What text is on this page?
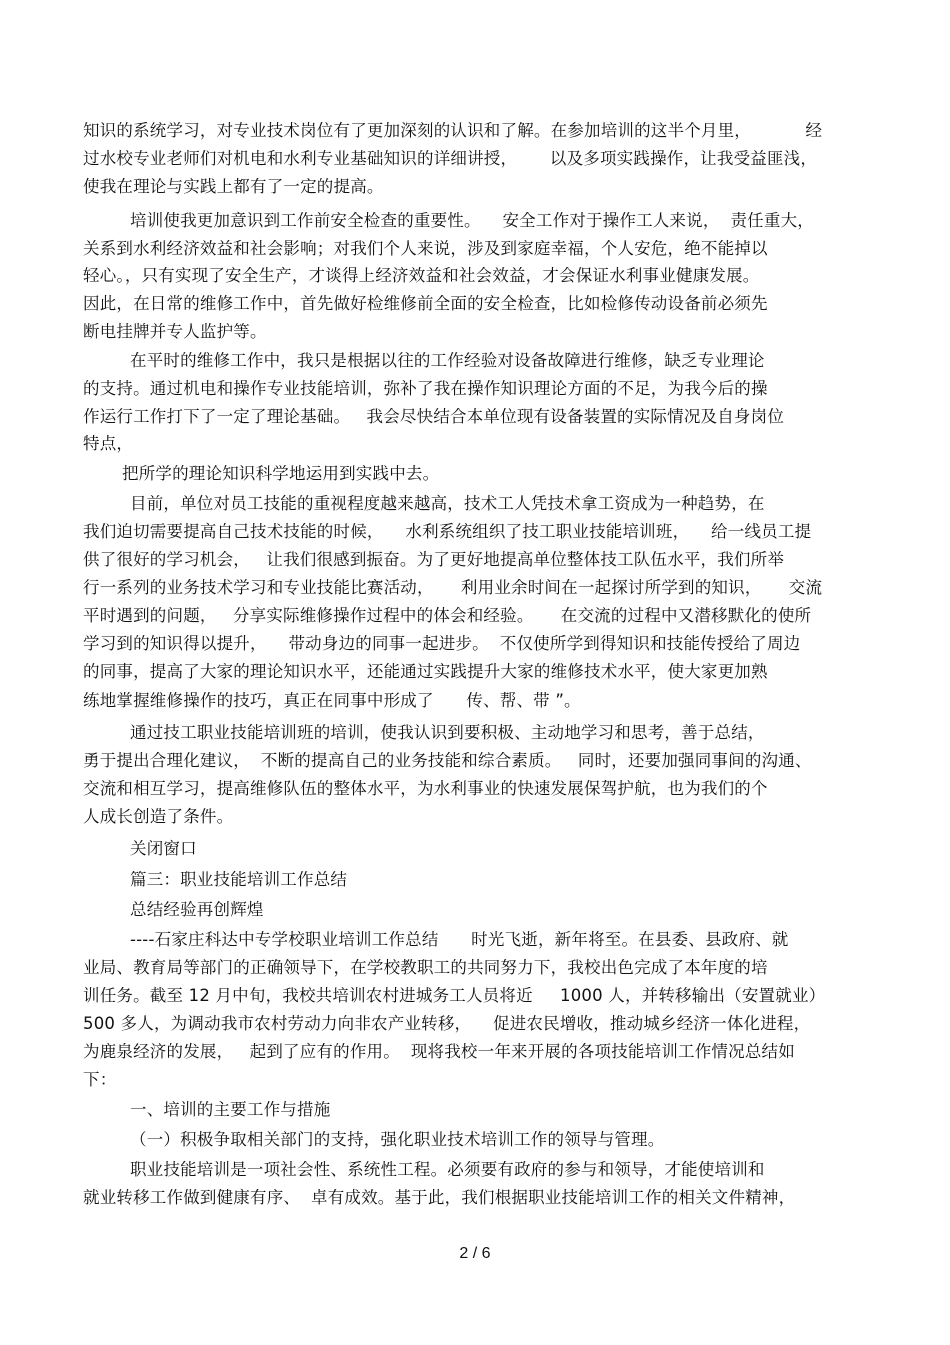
知识的系统学习，对专业技术岗位有了更加深刻的认识和了解。在参加培训的这半个月里，          经
过水校专业老师们对机电和水利专业基础知识的详细讲授，      以及多项实践操作，让我受益匪浅，
使我在理论与实践上都有了一定的提高。
培训使我更加意识到工作前安全检查的重要性。    安全工作对于操作工人来说，  责任重大，
关系到水利经济效益和社会影响；对我们个人来说，涉及到家庭幸福，个人安危，绝不能掉以
轻心。，只有实现了安全生产，才谈得上经济效益和社会效益，才会保证水利事业健康发展。
因此，在日常的维修工作中，首先做好检维修前全面的安全检查，比如检修传动设备前必须先
断电挂牌并专人监护等。
在平时的维修工作中，我只是根据以往的工作经验对设备故障进行维修，缺乏专业理论
的支持。通过机电和操作专业技能培训，弥补了我在操作知识理论方面的不足，为我今后的操
作运行工作打下了一定了理论基础。   我会尽快结合本单位现有设备装置的实际情况及自身岗位
特点，
把所学的理论知识科学地运用到实践中去。
目前，单位对员工技能的重视程度越来越高，技术工人凭技术拿工资成为一种趋势，在
我们迫切需要提高自己技术技能的时候，    水利系统组织了技工职业技能培训班，    给一线员工提
供了很好的学习机会，   让我们很感到振奋。为了更好地提高单位整体技工队伍水平，我们所举
行一系列的业务技术学习和专业技能比赛活动，     利用业余时间在一起探讨所学到的知识，     交流
平时遇到的问题，   分享实际维修操作过程中的体会和经验。     在交流的过程中又潜移默化的使所
学习到的知识得以提升，    带动身边的同事一起进步。  不仅使所学到得知识和技能传授给了周边
的同事，提高了大家的理论知识水平，还能通过实践提升大家的维修技术水平，使大家更加熟
练地掌握维修操作的技巧，真正在同事中形成了      传、帮、带 ”。
通过技工职业技能培训班的培训，使我认识到要积极、主动地学习和思考，善于总结，
勇于提出合理化建议，  不断的提高自己的业务技能和综合素质。   同时，还要加强同事间的沟通、
交流和相互学习，提高维修队伍的整体水平，为水利事业的快速发展保驾护航，也为我们的个
人成长创造了条件。
关闭窗口
篇三：职业技能培训工作总结
总结经验再创辉煌
----石家庄科达中专学校职业培训工作总结      时光飞逝，新年将至。在县委、县政府、就
业局、教育局等部门的正确领导下，在学校教职工的共同努力下，我校出色完成了本年度的培
训任务。截至 12 月中旬，我校共培训农村进城务工人员将近     1000 人，并转移输出（安置就业）
500 多人，为调动我市农村劳动力向非农产业转移，    促进农民增收，推动城乡经济一体化进程，
为鹿泉经济的发展，   起到了应有的作用。  现将我校一年来开展的各项技能培训工作情况总结如
下：
一、培训的主要工作与措施
（一）积极争取相关部门的支持，强化职业技术培训工作的领导与管理。
职业技能培训是一项社会性、系统性工程。必须要有政府的参与和领导，才能使培训和
就业转移工作做到健康有序、  卓有成效。基于此，我们根据职业技能培训工作的相关文件精神，
2 / 6
